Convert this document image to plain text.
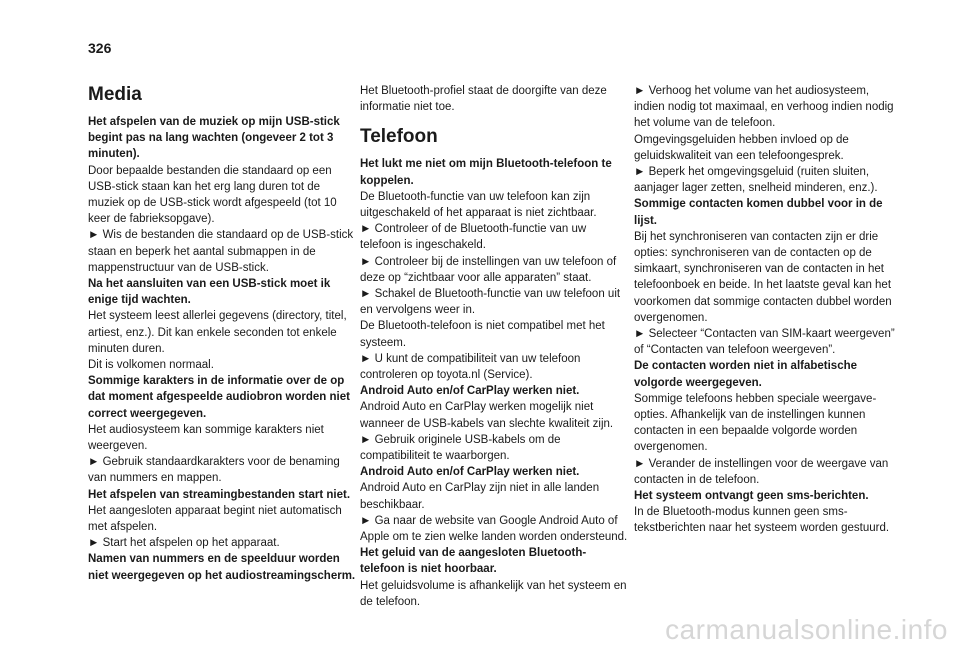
326
Media
Het afspelen van de muziek op mijn USB-stick begint pas na lang wachten (ongeveer 2 tot 3 minuten).
Door bepaalde bestanden die standaard op een USB-stick staan kan het erg lang duren tot de muziek op de USB-stick wordt afgespeeld (tot 10 keer de fabrieksopgave).
► Wis de bestanden die standaard op de USB-stick staan en beperk het aantal submappen in de mappenstructuur van de USB-stick.
Na het aansluiten van een USB-stick moet ik enige tijd wachten.
Het systeem leest allerlei gegevens (directory, titel, artiest, enz.). Dit kan enkele seconden tot enkele minuten duren.
Dit is volkomen normaal.
Sommige karakters in de informatie over de op dat moment afgespeelde audiobron worden niet correct weergegeven.
Het audiosysteem kan sommige karakters niet weergeven.
► Gebruik standaardkarakters voor de benaming van nummers en mappen.
Het afspelen van streamingbestanden start niet.
Het aangesloten apparaat begint niet automatisch met afspelen.
► Start het afspelen op het apparaat.
Namen van nummers en de speelduur worden niet weergegeven op het audiostreamingscherm.
Het Bluetooth-profiel staat de doorgifte van deze informatie niet toe.
Telefoon
Het lukt me niet om mijn Bluetooth-telefoon te koppelen.
De Bluetooth-functie van uw telefoon kan zijn uitgeschakeld of het apparaat is niet zichtbaar.
► Controleer of de Bluetooth-functie van uw telefoon is ingeschakeld.
► Controleer bij de instellingen van uw telefoon of deze op “zichtbaar voor alle apparaten” staat.
► Schakel de Bluetooth-functie van uw telefoon uit en vervolgens weer in.
De Bluetooth-telefoon is niet compatibel met het systeem.
► U kunt de compatibiliteit van uw telefoon controleren op toyota.nl (Service).
Android Auto en/of CarPlay werken niet.
Android Auto en CarPlay werken mogelijk niet wanneer de USB-kabels van slechte kwaliteit zijn.
► Gebruik originele USB-kabels om de compatibiliteit te waarborgen.
Android Auto en/of CarPlay werken niet.
Android Auto en CarPlay zijn niet in alle landen beschikbaar.
► Ga naar de website van Google Android Auto of Apple om te zien welke landen worden ondersteund.
Het geluid van de aangesloten Bluetooth-telefoon is niet hoorbaar.
Het geluidsvolume is afhankelijk van het systeem en de telefoon.
► Verhoog het volume van het audiosysteem, indien nodig tot maximaal, en verhoog indien nodig het volume van de telefoon.
Omgevingsgeluiden hebben invloed op de geluidskwaliteit van een telefoongesprek.
► Beperk het omgevingsgeluid (ruiten sluiten, aanjager lager zetten, snelheid minderen, enz.).
Sommige contacten komen dubbel voor in de lijst.
Bij het synchroniseren van contacten zijn er drie opties: synchroniseren van de contacten op de simkaart, synchroniseren van de contacten in het telefoonboek en beide. In het laatste geval kan het voorkomen dat sommige contacten dubbel worden overgenomen.
► Selecteer “Contacten van SIM-kaart weergeven” of “Contacten van telefoon weergeven”.
De contacten worden niet in alfabetische volgorde weergegeven.
Sommige telefoons hebben speciale weergave-opties. Afhankelijk van de instellingen kunnen contacten in een bepaalde volgorde worden overgenomen.
► Verander de instellingen voor de weergave van contacten in de telefoon.
Het systeem ontvangt geen sms-berichten.
In de Bluetooth-modus kunnen geen sms-tekstberichten naar het systeem worden gestuurd.
carmanualsonline.info
